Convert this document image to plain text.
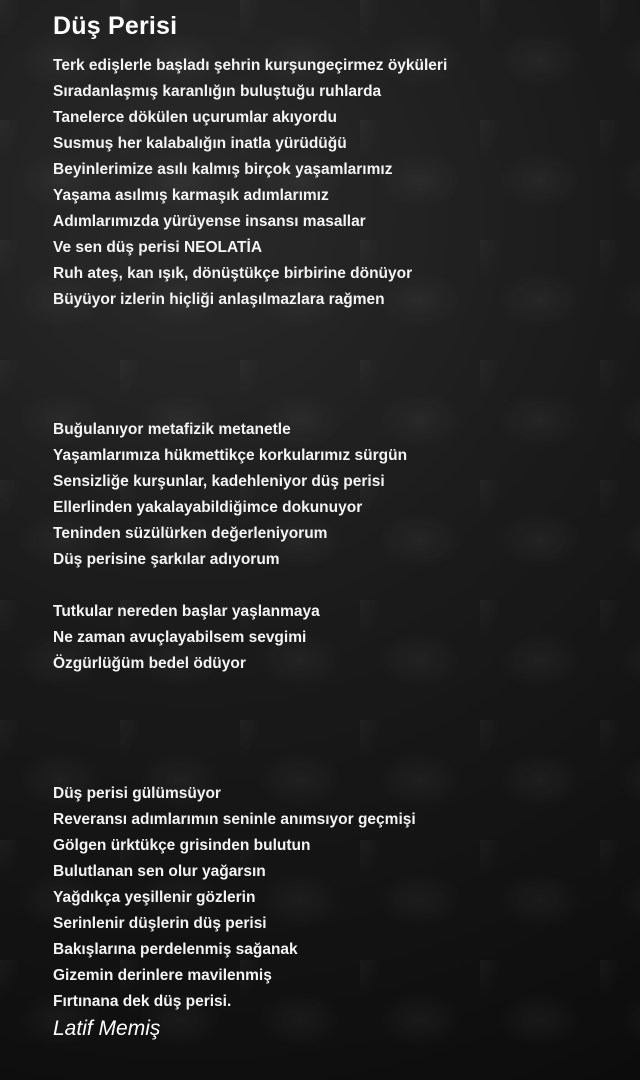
Düş Perisi
Terk edişlerle başladı şehrin kurşungeçirmez öyküleri
Sıradanlaşmış karanlığın buluştuğu ruhlarda
Tanelerce dökülen uçurumlar akıyordu
Susmuş her kalabalığın inatla yürüdüğü
Beyinlerimize asılı kalmış birçok yaşamlarımız
Yaşama asılmış karmaşık adımlarımız
Adımlarımızda yürüyense insansı masallar
Ve sen düş perisi NEOLATİA
Ruh ateş, kan ışık, dönüştükçe birbirine dönüyor
Büyüyor izlerin hiçliği anlaşılmazlara rağmen
Buğulanıyor metafizik metanetle
Yaşamlarımıza hükmettikçe korkularımız sürgün
Sensizliğe kurşunlar, kadehleniyor düş perisi
Ellerlinden yakalayabildiğimce dokunuyor
Teninden süzülürken değerleniyorum
Düş perisine şarkılar adıyorum
Tutkular nereden başlar yaşlanmaya
Ne zaman avuçlayabilsem sevgimi
Özgürlüğüm bedel ödüyor
Düş perisi gülümsüyor
Reveransı adımlarımın seninle anımsıyor geçmişi
Gölgen ürktükçe grisinden bulutun
Bulutlanan sen olur yağarsın
Yağdıkça yeşillenir gözlerin
Serinlenir düşlerin düş perisi
Bakışlarına perdelenmiş sağanak
Gizemin derinlere mavilenmiş
Fırtınana dek düş perisi.
Latif Memiş
